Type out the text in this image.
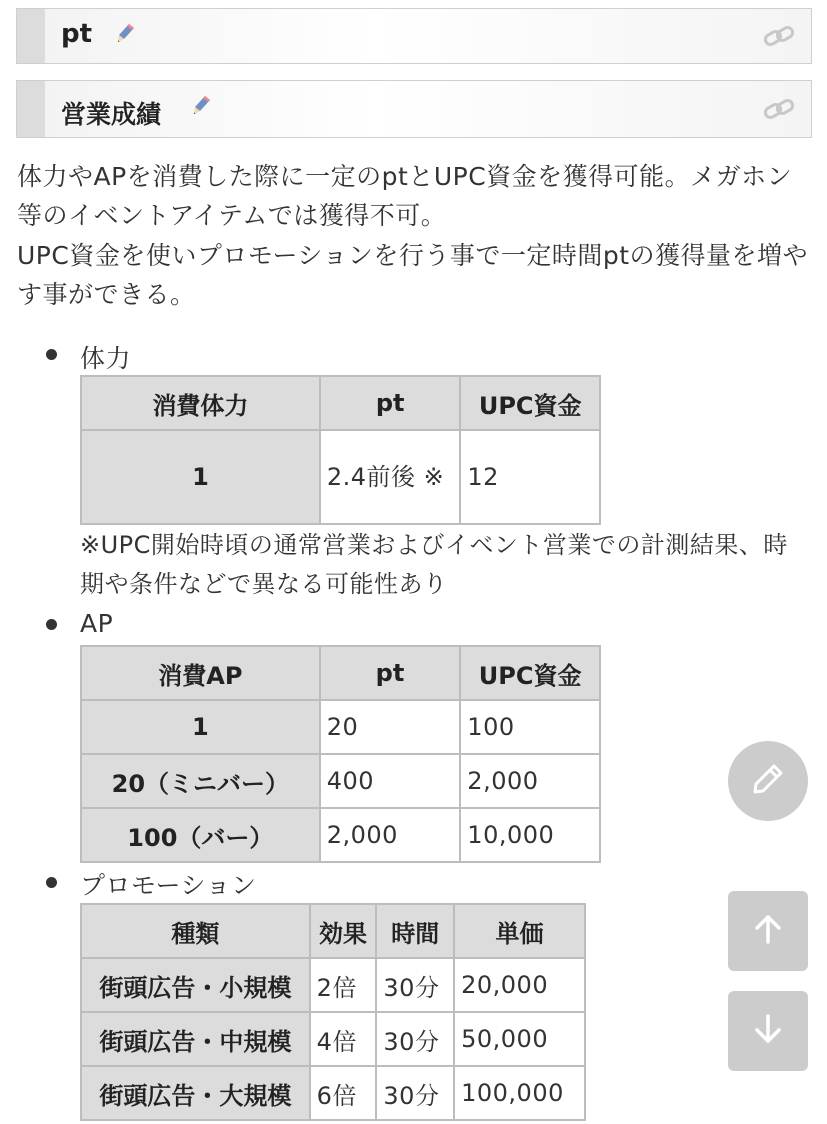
pt
営業成績
体力やAPを消費した際に一定のptとUPC資金を獲得可能。メガホン等のイベントアイテムでは獲得不可。
UPC資金を使いプロモーションを行う事で一定時間ptの獲得量を増やす事ができる。
体力
消費体力	pt	UPC資金
1	2.4前後 ※	12
※UPC開始時頃の通常営業およびイベント営業での計測結果、時期や条件などで異なる可能性あり
AP
消費AP	pt	UPC資金
1	20	100
20（ミニバー）	400	2,000
100（バー）	2,000	10,000
プロモーション
種類	効果	時間	単価
街頭広告・小規模	2倍	30分	20,000
街頭広告・中規模	4倍	30分	50,000
街頭広告・大規模	6倍	30分	100,000
